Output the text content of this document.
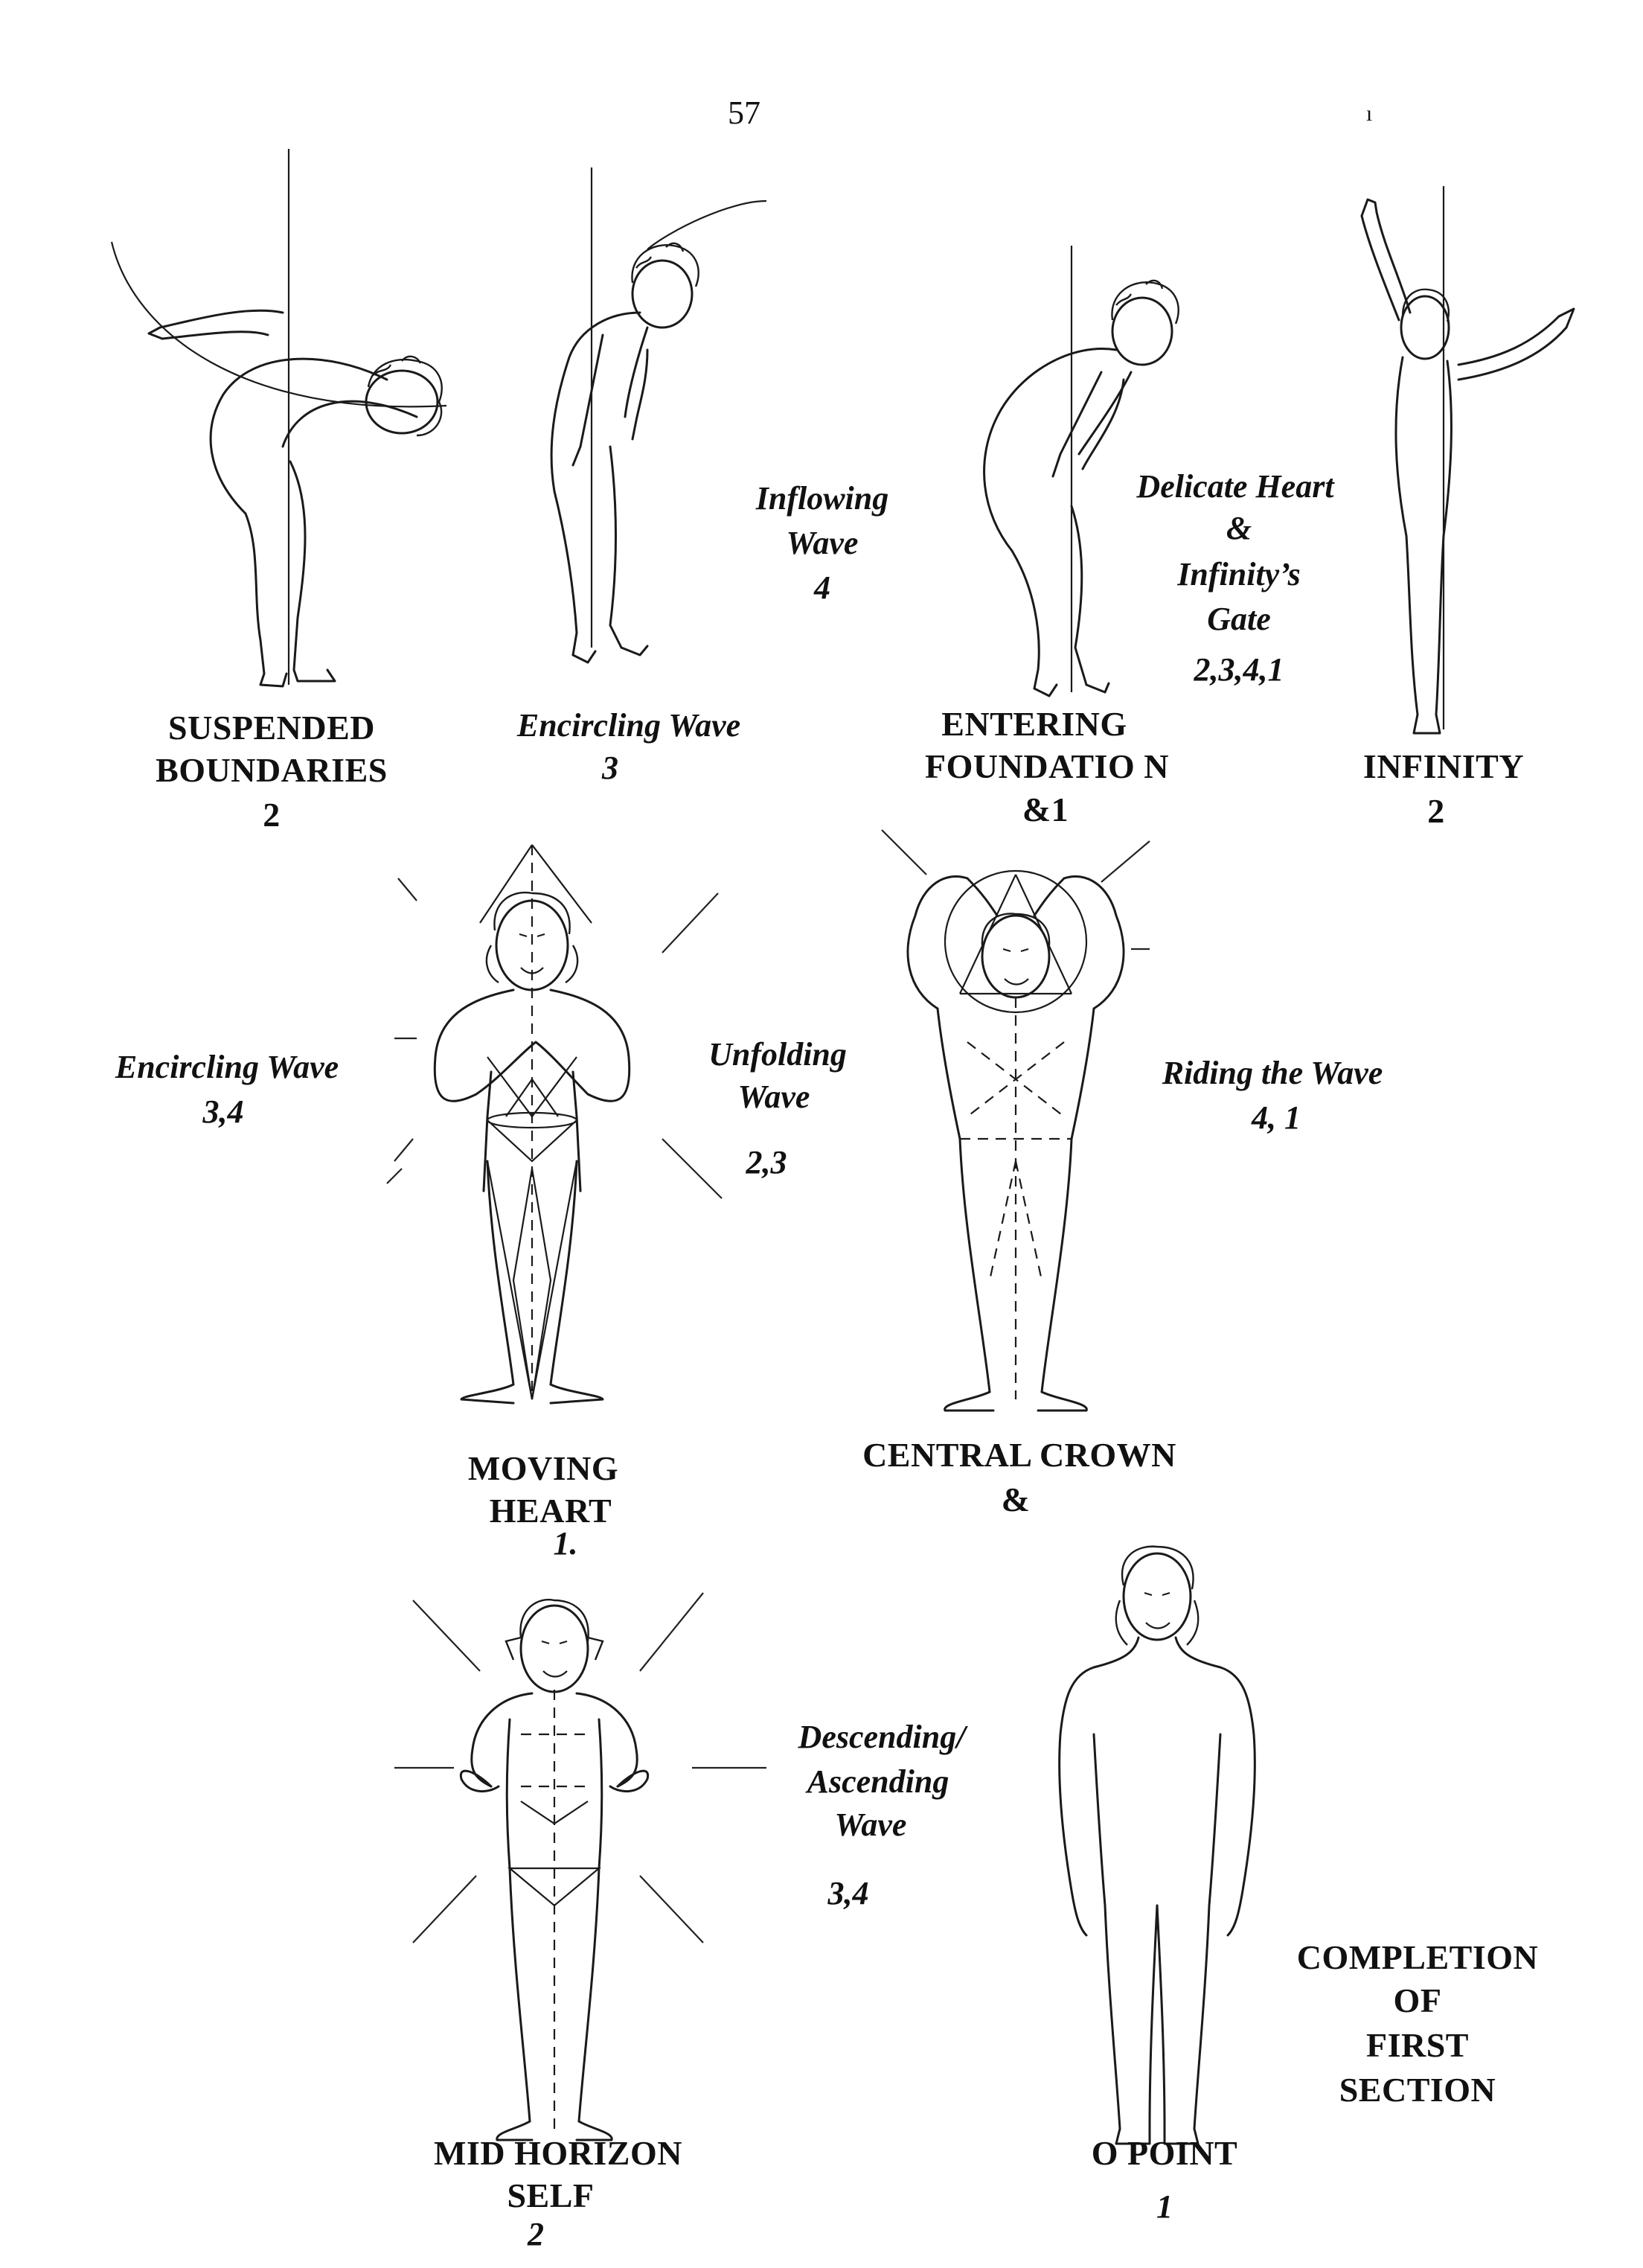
57	ı
SUSPENDED
BOUNDARIES
2
Encircling Wave
3
Inflowing
Wave
4
ENTERING
FOUNDATIO N
&1
Delicate Heart
&
Infinity’s
Gate
2,3,4,1
INFINITY
2
Encircling Wave
3,4
Unfolding
Wave
2,3
Riding the Wave
4, 1
MOVING
HEART
1.
CENTRAL CROWN
&
Descending/
Ascending
Wave
3,4
MID HORIZON
SELF
2
O POINT
1
COMPLETION
OF
FIRST
SECTION
